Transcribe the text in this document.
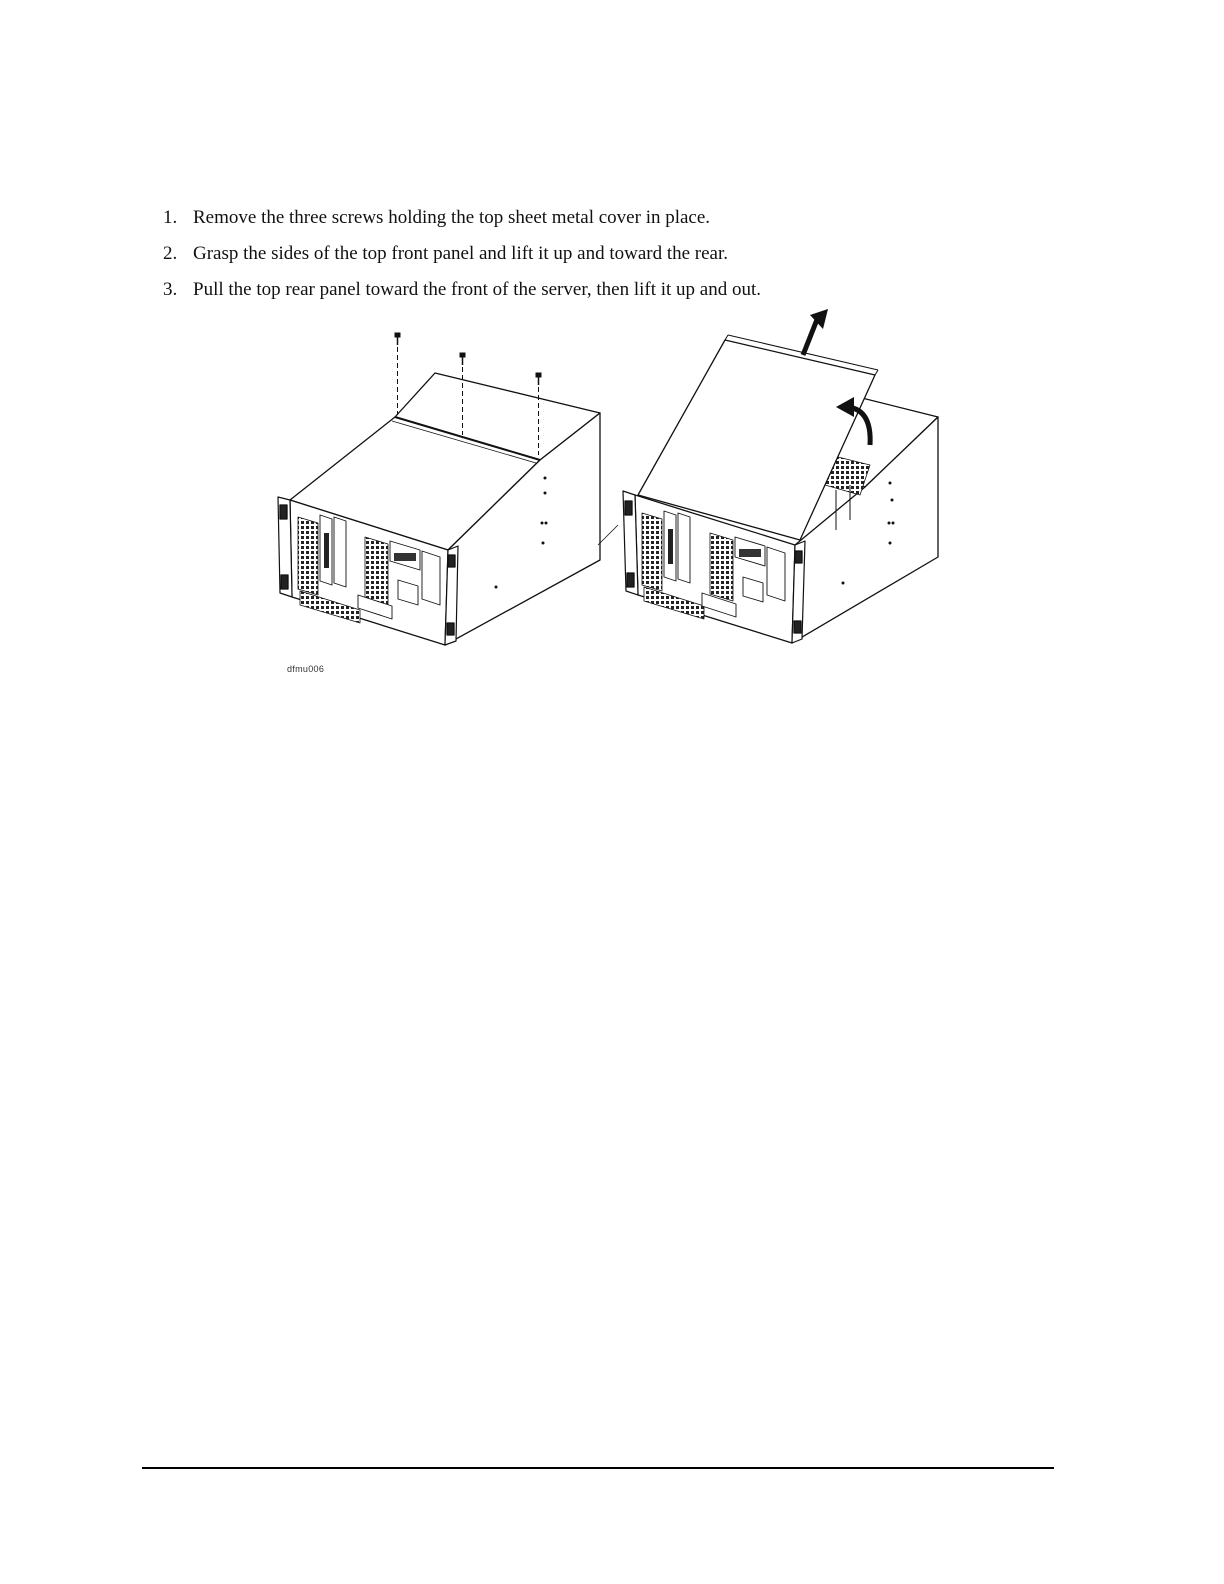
1. Remove the three screws holding the top sheet metal cover in place.
2. Grasp the sides of the top front panel and lift it up and toward the rear.
3. Pull the top rear panel toward the front of the server, then lift it up and out.
dfmu006
